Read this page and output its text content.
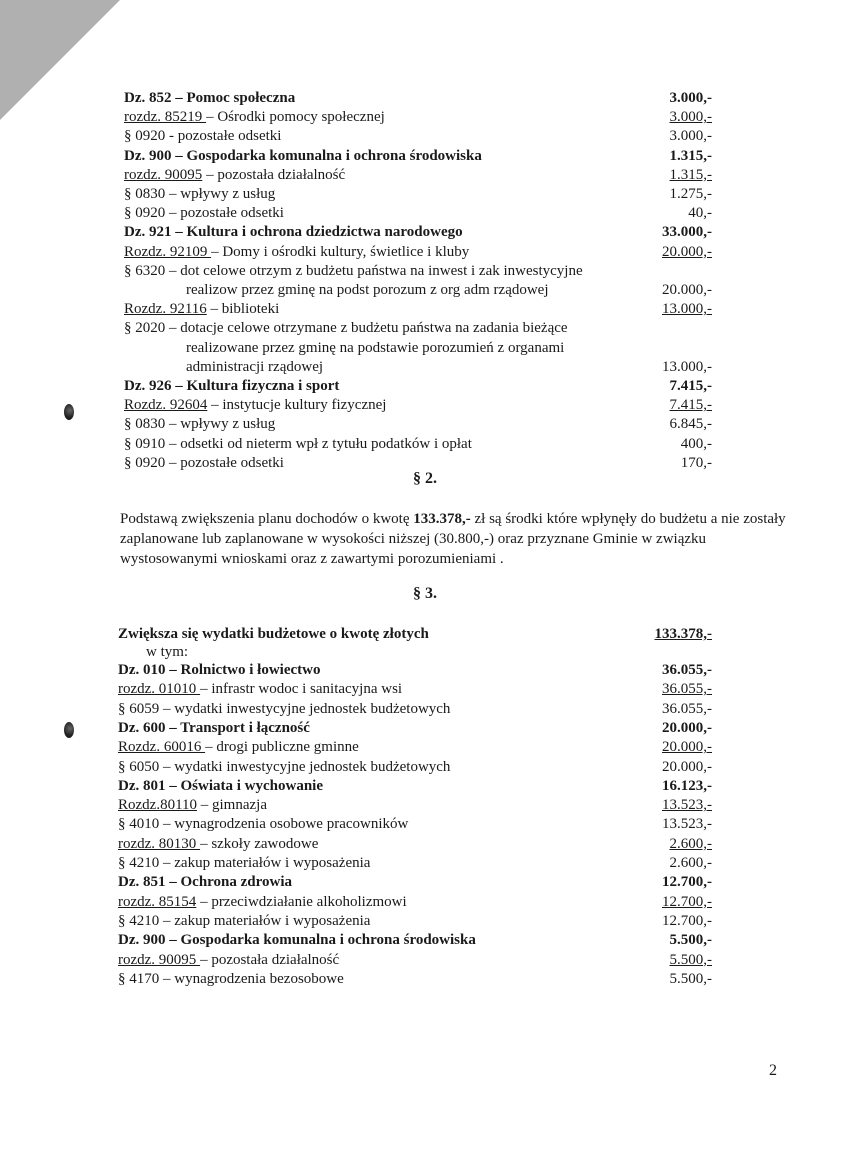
Dz. 852 – Pomoc społeczna	3.000,-
rozdz. 85219 – Ośrodki pomocy społecznej	3.000,-
§ 0920 - pozostałe odsetki	3.000,-
Dz. 900 – Gospodarka komunalna i ochrona środowiska	1.315,-
rozdz. 90095 – pozostała działalność	1.315,-
§ 0830 – wpływy z usług	1.275,-
§ 0920 – pozostałe odsetki	40,-
Dz. 921 – Kultura i ochrona dziedzictwa narodowego	33.000,-
Rozdz. 92109 – Domy i ośrodki kultury, świetlice i kluby	20.000,-
§ 6320 – dot celowe otrzym z budżetu państwa na inwest i zak inwestycyjne
realizow przez gminę na podst porozum z org adm rządowej	20.000,-
Rozdz. 92116 – biblioteki	13.000,-
§ 2020 – dotacje celowe otrzymane z budżetu państwa na zadania bieżące
realizowane przez gminę na podstawie porozumień z organami
administracji rządowej	13.000,-
Dz. 926 – Kultura fizyczna i sport	7.415,-
Rozdz. 92604 – instytucje kultury fizycznej	7.415,-
§ 0830 – wpływy z usług	6.845,-
§ 0910 – odsetki od nieterm wpł z tytułu podatków i opłat	400,-
§ 0920 – pozostałe odsetki	170,-
§ 2.
Podstawą zwiększenia planu dochodów o kwotę 133.378,- zł są środki które wpłynęły do budżetu a nie zostały zaplanowane lub zaplanowane w wysokości niższej (30.800,-) oraz przyznane Gminie w związku wystosowanymi wnioskami oraz z zawartymi porozumieniami .
§ 3.
Zwiększa się wydatki budżetowe o kwotę złotych	133.378,-
w tym:
Dz. 010 – Rolnictwo i łowiectwo	36.055,-
rozdz. 01010 – infrastr wodoc i sanitacyjna wsi	36.055,-
§ 6059 – wydatki inwestycyjne jednostek budżetowych	36.055,-
Dz. 600 – Transport i łączność	20.000,-
Rozdz. 60016 – drogi publiczne gminne	20.000,-
§ 6050 – wydatki inwestycyjne jednostek budżetowych	20.000,-
Dz. 801 – Oświata i wychowanie	16.123,-
Rozdz.80110 – gimnazja	13.523,-
§ 4010 – wynagrodzenia osobowe pracowników	13.523,-
rozdz. 80130 – szkoły zawodowe	2.600,-
§ 4210 – zakup materiałów i wyposażenia	2.600,-
Dz. 851 – Ochrona zdrowia	12.700,-
rozdz. 85154 – przeciwdziałanie alkoholizmowi	12.700,-
§ 4210 – zakup materiałów i wyposażenia	12.700,-
Dz. 900 – Gospodarka komunalna i ochrona środowiska	5.500,-
rozdz. 90095 – pozostała działalność	5.500,-
§ 4170 – wynagrodzenia bezosobowe	5.500,-
2
